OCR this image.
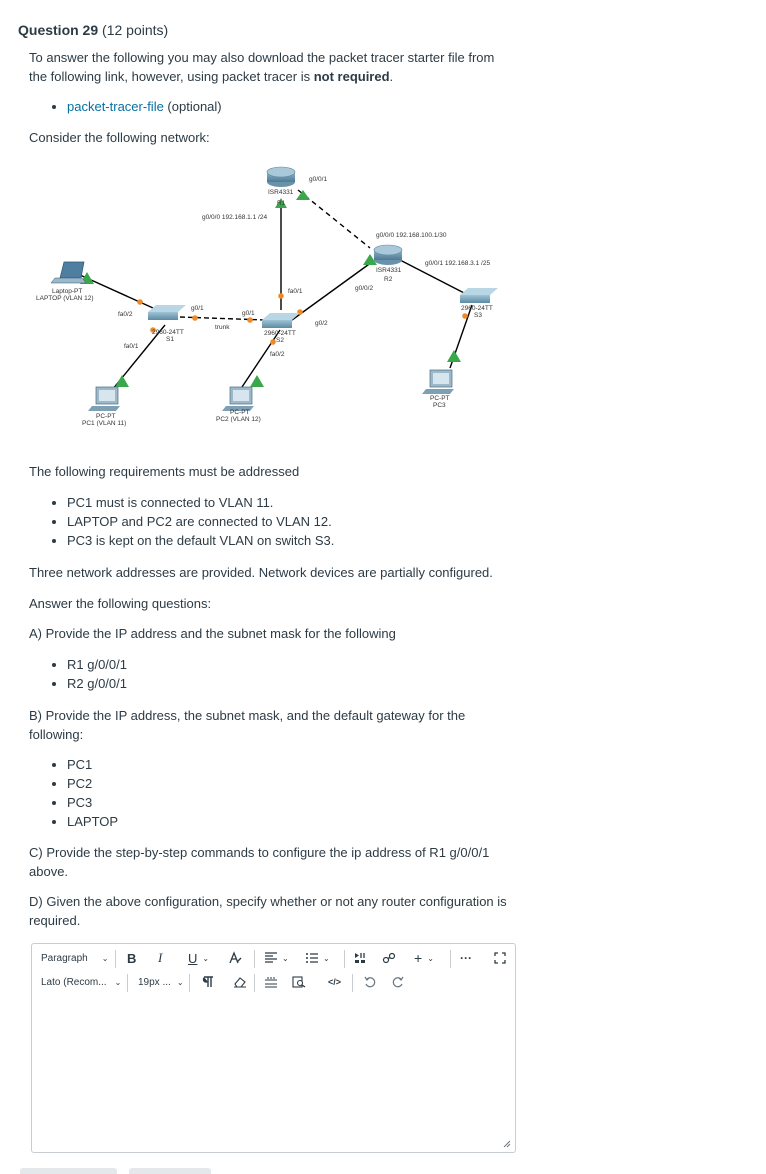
Question 29 (12 points)
To answer the following you may also download the packet tracer starter file from the following link, however, using packet tracer is not required.
• packet-tracer-file (optional)
Consider the following network:
ISR4331
R1
g0/0/1
g0/0/0 192.168.1.1 /24
g0/0/0 192.168.100.1/30
ISR4331
R2
g0/0/1 192.168.3.1 /25
g0/0/2
Laptop-PT
LAPTOP (VLAN 12)
fa0/2
g0/1
fa0/1
2960-24TT
S1
trunk
g0/1
fa0/1
g0/2
2960-24TT
S2
fa0/2
2960-24TT
S3
PC-PT
PC1 (VLAN 11)
PC-PT
PC2 (VLAN 12)
PC-PT
PC3
The following requirements must be addressed
• PC1 must is connected to VLAN 11.
• LAPTOP and PC2 are connected to VLAN 12.
• PC3 is kept on the default VLAN on switch S3.
Three network addresses are provided. Network devices are partially configured.
Answer the following questions:
A) Provide the IP address and the subnet mask for the following
• R1 g/0/0/1
• R2 g/0/0/1
B) Provide the IP address, the subnet mask, and the default gateway for the following:
• PC1
• PC2
• PC3
• LAPTOP
C) Provide the step-by-step commands to configure the ip address of R1 g/0/0/1 above.
D) Given the above configuration, specify whether or not any router configuration is required.
Paragraph ⌄ B I U ⌄	⌄	⌄	+ ⌄ ···
Lato (Recom... ⌄ 19px ... ⌄	</>
